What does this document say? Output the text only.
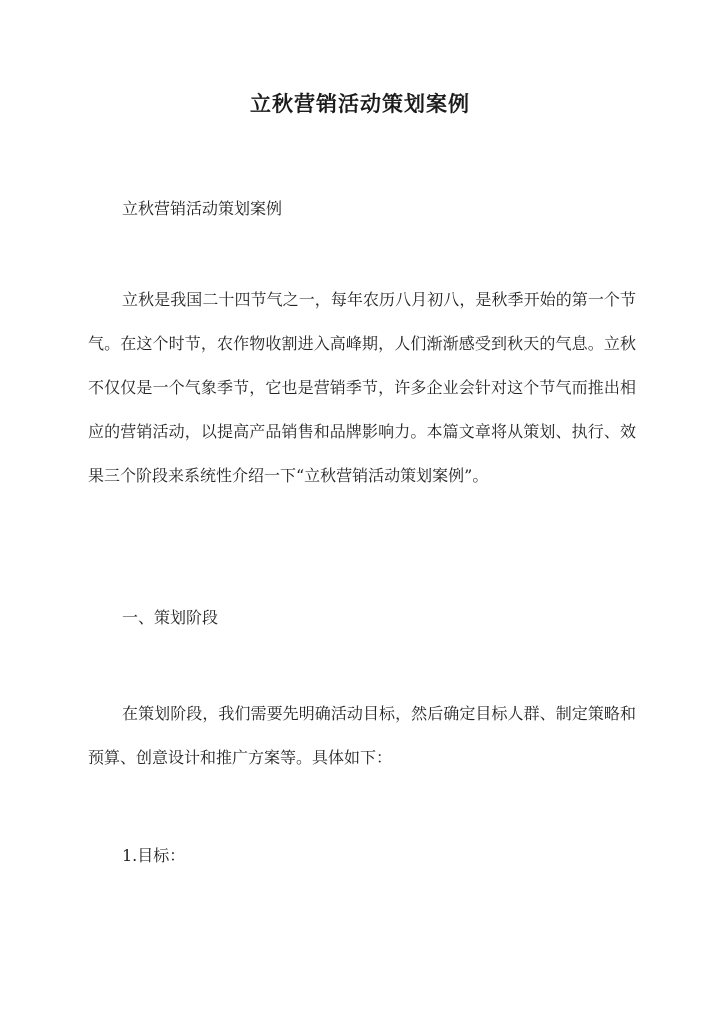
立秋营销活动策划案例

立秋营销活动策划案例

立秋是我国二十四节气之一，每年农历八月初八，是秋季开始的第一个节气。在这个时节，农作物收割进入高峰期，人们渐渐感受到秋天的气息。立秋不仅仅是一个气象季节，它也是营销季节，许多企业会针对这个节气而推出相应的营销活动，以提高产品销售和品牌影响力。本篇文章将从策划、执行、效果三个阶段来系统性介绍一下“立秋营销活动策划案例”。

一、策划阶段

在策划阶段，我们需要先明确活动目标，然后确定目标人群、制定策略和预算、创意设计和推广方案等。具体如下：

1.目标：
